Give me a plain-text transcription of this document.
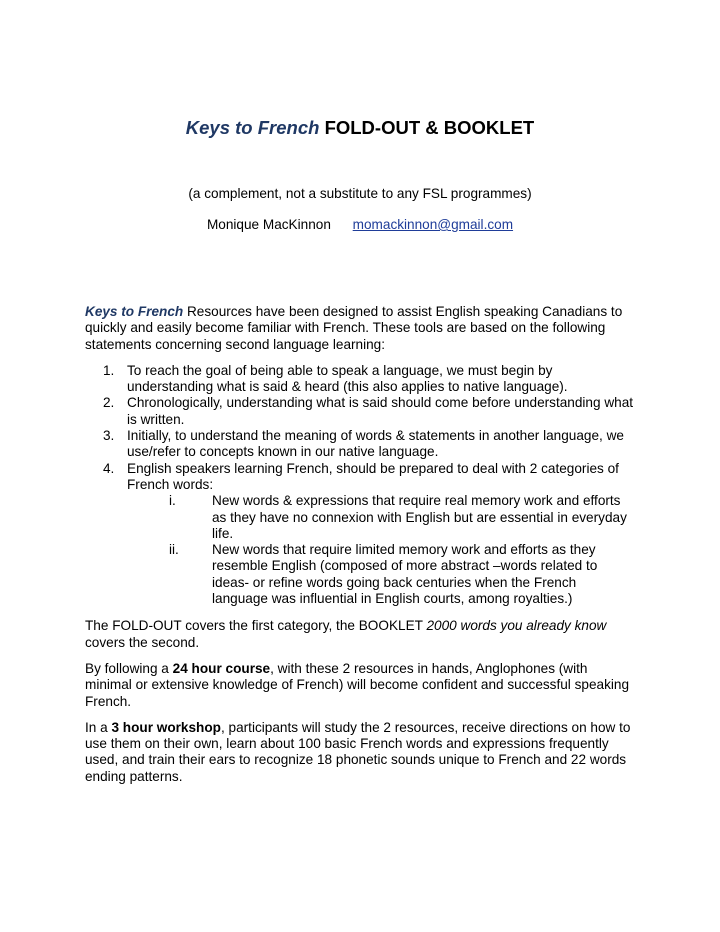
Keys to French FOLD-OUT & BOOKLET
(a complement, not a substitute to any FSL programmes)
Monique MacKinnon momackinnon@gmail.com

Keys to French Resources have been designed to assist English speaking Canadians to quickly and easily become familiar with French. These tools are based on the following statements concerning second language learning:

1. To reach the goal of being able to speak a language, we must begin by understanding what is said & heard (this also applies to native language).
2. Chronologically, understanding what is said should come before understanding what is written.
3. Initially, to understand the meaning of words & statements in another language, we use/refer to concepts known in our native language.
4. English speakers learning French, should be prepared to deal with 2 categories of French words:
i.	New words & expressions that require real memory work and efforts as they have no connexion with English but are essential in everyday life.
ii.	New words that require limited memory work and efforts as they resemble English (composed of more abstract –words related to ideas- or refine words going back centuries when the French language was influential in English courts, among royalties.)

The FOLD-OUT covers the first category, the BOOKLET 2000 words you already know covers the second.

By following a 24 hour course, with these 2 resources in hands, Anglophones (with minimal or extensive knowledge of French) will become confident and successful speaking French.

In a 3 hour workshop, participants will study the 2 resources, receive directions on how to use them on their own, learn about 100 basic French words and expressions frequently used, and train their ears to recognize 18 phonetic sounds unique to French and 22 words ending patterns.
